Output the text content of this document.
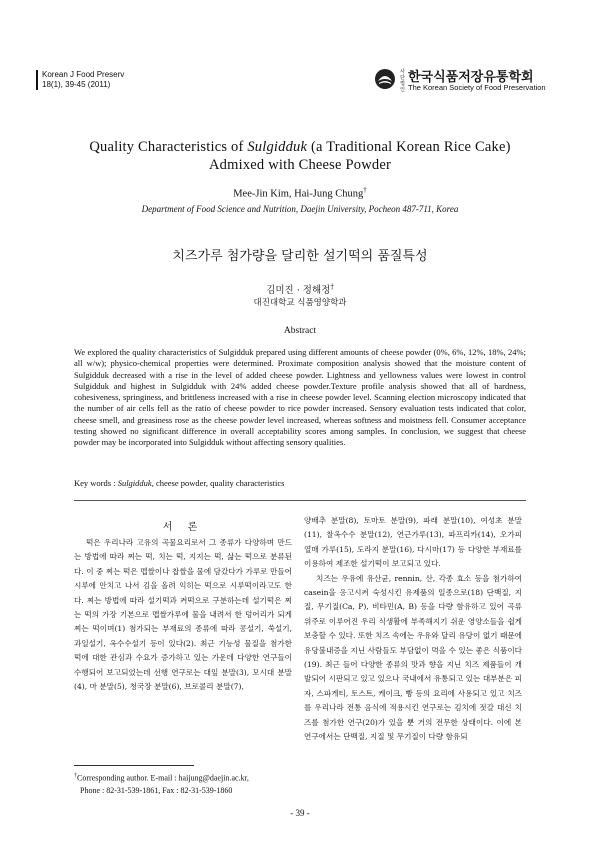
Korean J Food Preserv
18(1), 39-45 (2011)
사단법인
한국식품저장유통학회
The Korean Society of Food Preservation
Quality Characteristics of Sulgidduk (a Traditional Korean Rice Cake)
Admixed with Cheese Powder
Mee-Jin Kim, Hai-Jung Chung†
Department of Food Science and Nutrition, Daejin University, Pocheon 487-711, Korea
치즈가루 첨가량을 달리한 설기떡의 품질특성
김미진 · 정해정†
대진대학교 식품영양학과
Abstract
We explored the quality characteristics of Sulgidduk prepared using different amounts of cheese powder (0%, 6%, 12%, 18%, 24%; all w/w); physico-chemical properties were determined. Proximate composition analysis showed that the moisture content of Sulgidduk decreased with a rise in the level of added cheese powder. Lightness and yellowness values were lowest in control Sulgidduk and highest in Sulgidduk with 24% added cheese powder.Texture profile analysis showed that all of hardness, cohesiveness, springiness, and brittleness increased with a rise in cheese powder level. Scanning election microscopy indicated that the number of air cells fell as the ratio of cheese powder to rice powder increased. Sensory evaluation tests indicated that color, cheese smell, and greasiness rose as the cheese powder level increased, whereas softness and moistness fell. Consumer acceptance testing showed no significant difference in overall acceptability scores among samples. In conclusion, we suggest that cheese powder may be incorporated into Sulgidduk without affecting sensory qualities.
Key words : Sulgidduk, cheese powder, quality characteristics
서 론

떡은 우리나라 고유의 곡물요리로서 그 종류가 다양하며 만드는 방법에 따라 찌는 떡, 치는 떡, 지지는 떡, 삶는 떡으로 분류된다. 이 중 찌는 떡은 멥쌀이나 찹쌀을 물에 담갔다가 가루로 만들어 시루에 안치고 나서 김을 올려 익히는 떡으로 시루떡이라고도 한다. 찌는 방법에 따라 설기떡과 켜떡으로 구분하는데 설기떡은 찌는 떡의 가장 기본으로 멥쌀가루에 물을 내려서 한 덩어리가 되게 찌는 떡이며(1) 첨가되는 부재료의 종류에 따라 콩설기, 쑥설기, 과일설기, 옥수수설기 등이 있다(2). 최근 기능성 물질을 첨가한 떡에 대한 관심과 수요가 증가하고 있는 가운데 다양한 연구들이 수행되어 보고되었는데 선행 연구로는 대잎 분말(3), 모시대 분말(4), 마 분말(5), 청국장 분말(6), 브로콜리 분말(7),

양배추 분말(8), 토마토 분말(9), 파래 분말(10), 여성초 분말(11), 찰옥수수 분말(12), 연근가루(13), 파프리카(14), 오가피 열매 가루(15), 도라지 분말(16), 다시마(17) 등 다양한 부재료를 이용하여 제조한 설기떡이 보고되고 있다.

치즈는 우유에 유산균, rennin, 산, 각종 효소 등을 첨가하여 casein을 응고시켜 숙성시킨 유제품의 일종으로(18) 단백질, 지질, 무기질(Ca, P), 비타민(A, B) 등을 다량 함유하고 있어 곡류 위주로 이루어진 우리 식생활에 부족해지기 쉬운 영양소들을 쉽게 보충할 수 있다. 또한 치즈 속에는 우유와 달리 유당이 없기 때문에 유당불내증을 지닌 사람들도 부담없이 먹을 수 있는 좋은 식품이다(19). 최근 들어 다양한 종류의 맛과 향을 지닌 치즈 제품들이 개발되어 시판되고 있고 있으나 국내에서 유통되고 있는 대부분은 피자, 스파게티, 토스트, 케이크, 빵 등의 요리에 사용되고 있고 치즈를 우리나라 전통 음식에 적용시킨 연구로는 김치에 젓갈 대신 치즈를 첨가한 연구(20)가 있을 뿐 거의 전무한 상태이다. 이에 본 연구에서는 단백질, 지질 및 무기질이 다량 함유되

†Corresponding author. E-mail : haijung@daejin.ac.kr,
Phone : 82-31-539-1861, Fax : 82-31-539-1860
- 39 -
